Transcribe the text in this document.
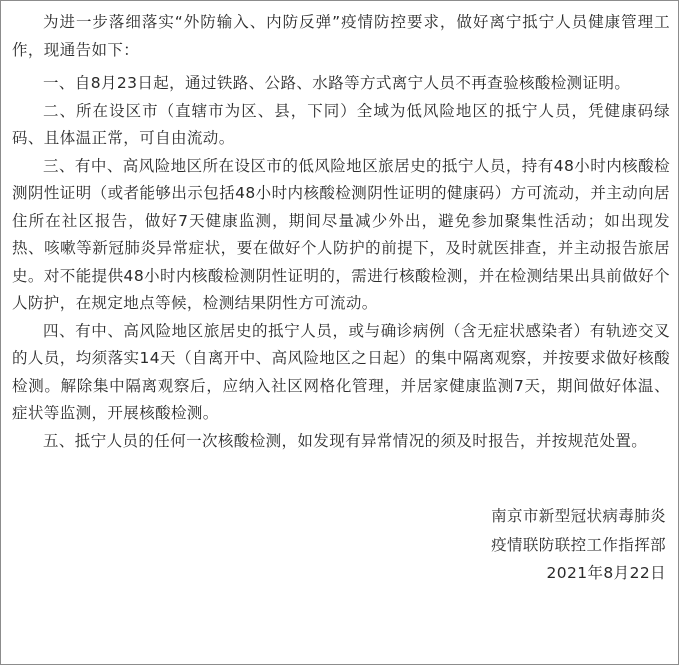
为进一步落细落实“外防输入、内防反弹”疫情防控要求，做好离宁抵宁人员健康管理工作，现通告如下：

一、自8月23日起，通过铁路、公路、水路等方式离宁人员不再查验核酸检测证明。

二、所在设区市（直辖市为区、县，下同）全域为低风险地区的抵宁人员，凭健康码绿码、且体温正常，可自由流动。

三、有中、高风险地区所在设区市的低风险地区旅居史的抵宁人员，持有48小时内核酸检测阴性证明（或者能够出示包括48小时内核酸检测阴性证明的健康码）方可流动，并主动向居住所在社区报告，做好7天健康监测，期间尽量减少外出，避免参加聚集性活动；如出现发热、咳嗽等新冠肺炎异常症状，要在做好个人防护的前提下，及时就医排查，并主动报告旅居史。对不能提供48小时内核酸检测阴性证明的，需进行核酸检测，并在检测结果出具前做好个人防护，在规定地点等候，检测结果阴性方可流动。

四、有中、高风险地区旅居史的抵宁人员，或与确诊病例（含无症状感染者）有轨迹交叉的人员，均须落实14天（自离开中、高风险地区之日起）的集中隔离观察，并按要求做好核酸检测。解除集中隔离观察后，应纳入社区网格化管理，并居家健康监测7天，期间做好体温、症状等监测，开展核酸检测。

五、抵宁人员的任何一次核酸检测，如发现有异常情况的须及时报告，并按规范处置。

南京市新型冠状病毒肺炎

疫情联防联控工作指挥部

2021年8月22日
